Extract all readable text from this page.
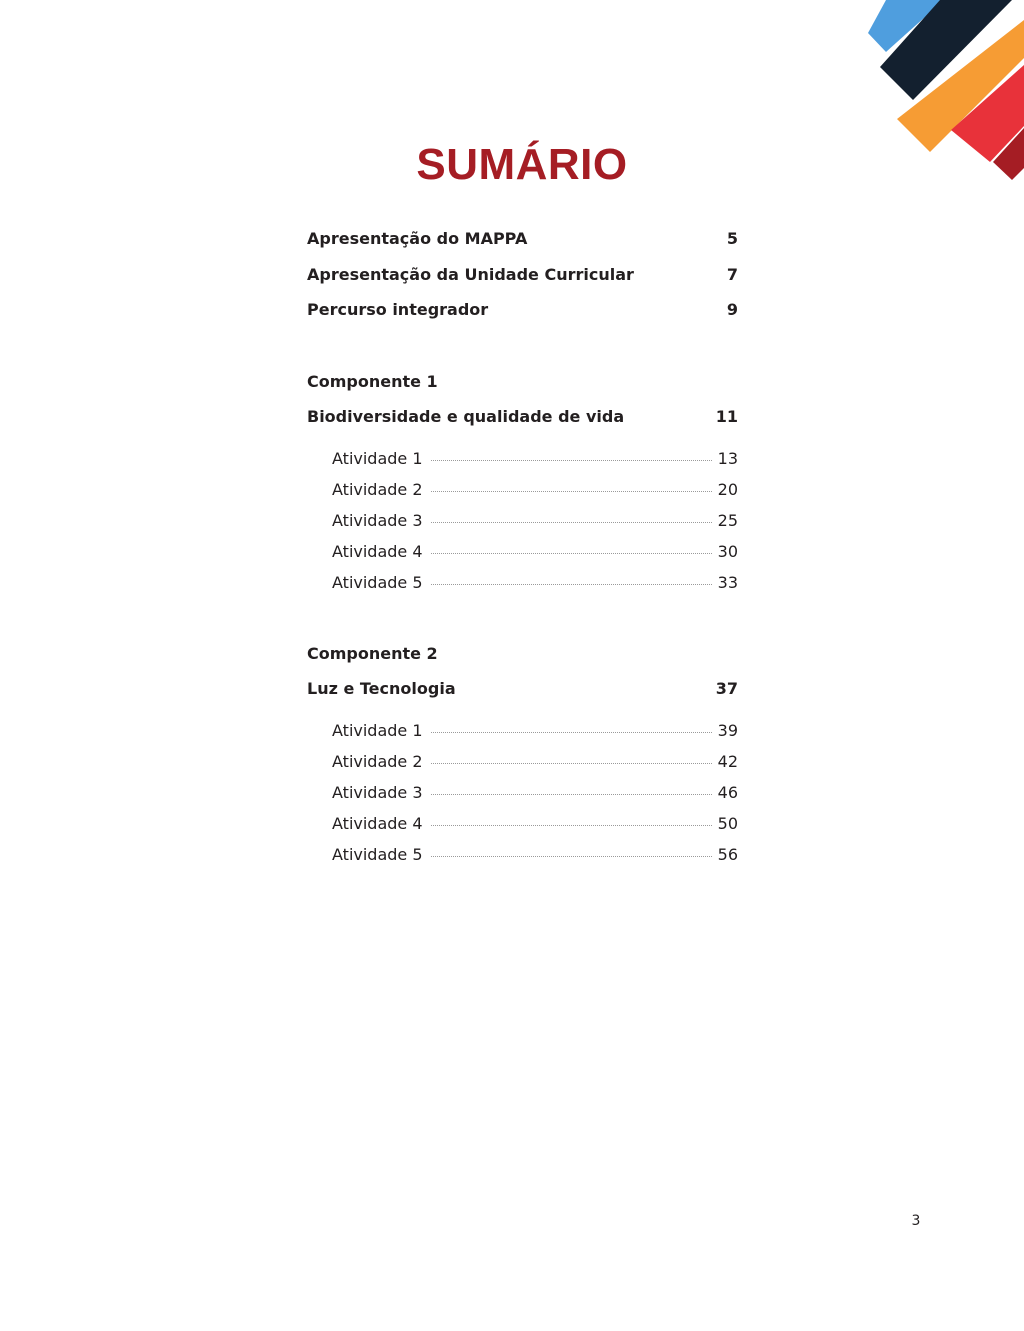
SUMÁRIO
Apresentação do MAPPA	5
Apresentação da Unidade Curricular	7
Percurso integrador	9
Componente 1
Biodiversidade e qualidade de vida	11
Atividade 1	13
Atividade 2	20
Atividade 3	25
Atividade 4	30
Atividade 5	33
Componente 2
Luz e Tecnologia	37
Atividade 1	39
Atividade 2	42
Atividade 3	46
Atividade 4	50
Atividade 5	56
3
